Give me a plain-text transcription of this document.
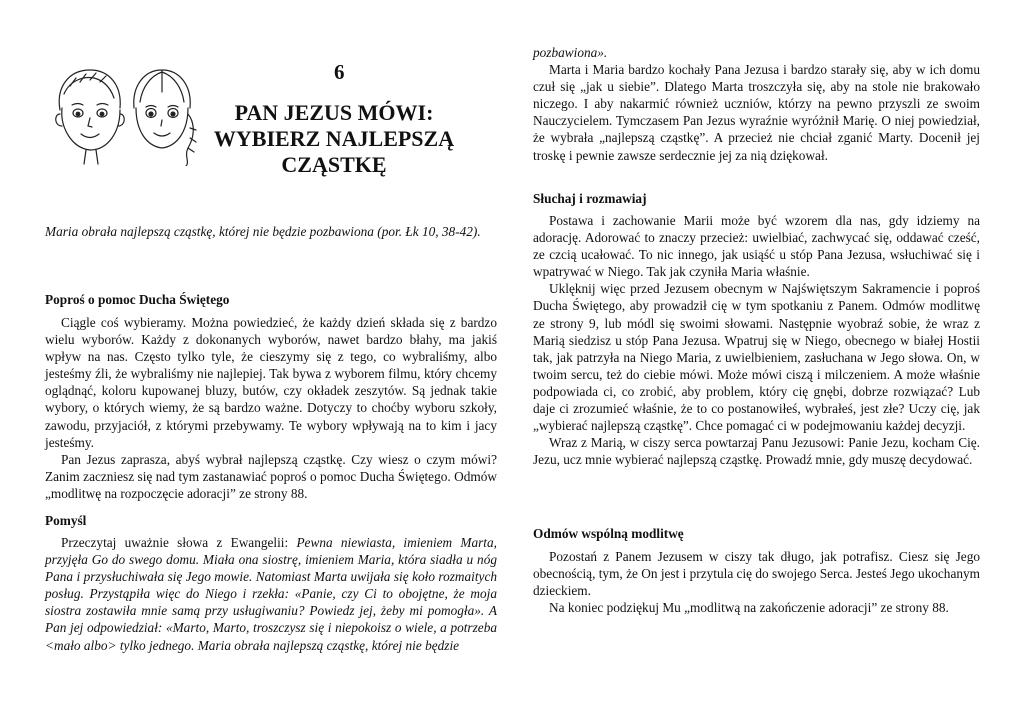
6
PAN JEZUS MÓWI:
WYBIERZ NAJLEPSZĄ
CZĄSTKĘ

Maria obrała najlepszą cząstkę, której nie będzie pozbawiona (por. Łk 10, 38-42).

Poproś o pomoc Ducha Świętego

Ciągle coś wybieramy. Można powiedzieć, że każdy dzień składa się z bardzo wielu wyborów. Każdy z dokonanych wyborów, nawet bardzo błahy, ma jakiś wpływ na nas. Często tylko tyle, że cieszymy się z tego, co wybraliśmy, albo jesteśmy źli, że wybraliśmy nie najlepiej. Tak bywa z wyborem filmu, który chcemy oglądnąć, koloru kupowanej bluzy, butów, czy okładek zeszytów. Są jednak takie wybory, o których wiemy, że są bardzo ważne. Dotyczy to choćby wyboru szkoły, zawodu, przyjaciół, z którymi przebywamy. Te wybory wpływają na to kim i jacy jesteśmy.

Pan Jezus zaprasza, abyś wybrał najlepszą cząstkę. Czy wiesz o czym mówi? Zanim zaczniesz się nad tym zastanawiać poproś o pomoc Ducha Świętego. Odmów „modlitwę na rozpoczęcie adoracji” ze strony 88.

Pomyśl

Przeczytaj uważnie słowa z Ewangelii: Pewna niewiasta, imieniem Marta, przyjęła Go do swego domu. Miała ona siostrę, imieniem Maria, która siadła u nóg Pana i przysłuchiwała się Jego mowie. Natomiast Marta uwijała się koło rozmaitych posług. Przystąpiła więc do Niego i rzekła: «Panie, czy Ci to obojętne, że moja siostra zostawiła mnie samą przy usługiwaniu? Powiedz jej, żeby mi pomogła». A Pan jej odpowiedział: «Marto, Marto, troszczysz się i niepokoisz o wiele, a potrzeba <mało albo> tylko jednego. Maria obrała najlepszą cząstkę, której nie będzie

pozbawiona».

Marta i Maria bardzo kochały Pana Jezusa i bardzo starały się, aby w ich domu czuł się „jak u siebie”. Dlatego Marta troszczyła się, aby na stole nie brakowało niczego. I aby nakarmić również uczniów, którzy na pewno przyszli ze swoim Nauczycielem. Tymczasem Pan Jezus wyraźnie wyróżnił Marię. O niej powiedział, że wybrała „najlepszą cząstkę”. A przecież nie chciał zganić Marty. Docenił jej troskę i pewnie zawsze serdecznie jej za nią dziękował.

Słuchaj i rozmawiaj

Postawa i zachowanie Marii może być wzorem dla nas, gdy idziemy na adorację. Adorować to znaczy przecież: uwielbiać, zachwycać się, oddawać cześć, ze czcią ucałować. To nic innego, jak usiąść u stóp Pana Jezusa, wsłuchiwać się i wpatrywać w Niego. Tak jak czyniła Maria właśnie.

Uklęknij więc przed Jezusem obecnym w Najświętszym Sakramencie i poproś Ducha Świętego, aby prowadził cię w tym spotkaniu z Panem. Odmów modlitwę ze strony 9, lub módl się swoimi słowami. Następnie wyobraź sobie, że wraz z Marią siedzisz u stóp Pana Jezusa. Wpatruj się w Niego, obecnego w białej Hostii tak, jak patrzyła na Niego Maria, z uwielbieniem, zasłuchana w Jego słowa. On, w twoim sercu, też do ciebie mówi. Może mówi ciszą i milczeniem. A może właśnie podpowiada ci, co zrobić, aby problem, który cię gnębi, dobrze rozwiązać? Lub daje ci zrozumieć właśnie, że to co postanowiłeś, wybrałeś, jest złe? Uczy cię, jak „wybierać najlepszą cząstkę”. Chce pomagać ci w podejmowaniu każdej decyzji.

Wraz z Marią, w ciszy serca powtarzaj Panu Jezusowi: Panie Jezu, kocham Cię. Jezu, ucz mnie wybierać najlepszą cząstkę. Prowadź mnie, gdy muszę decydować.

Odmów wspólną modlitwę

Pozostań z Panem Jezusem w ciszy tak długo, jak potrafisz. Ciesz się Jego obecnością, tym, że On jest i przytula cię do swojego Serca. Jesteś Jego ukochanym dzieckiem.

Na koniec podziękuj Mu „modlitwą na zakończenie adoracji” ze strony 88.
